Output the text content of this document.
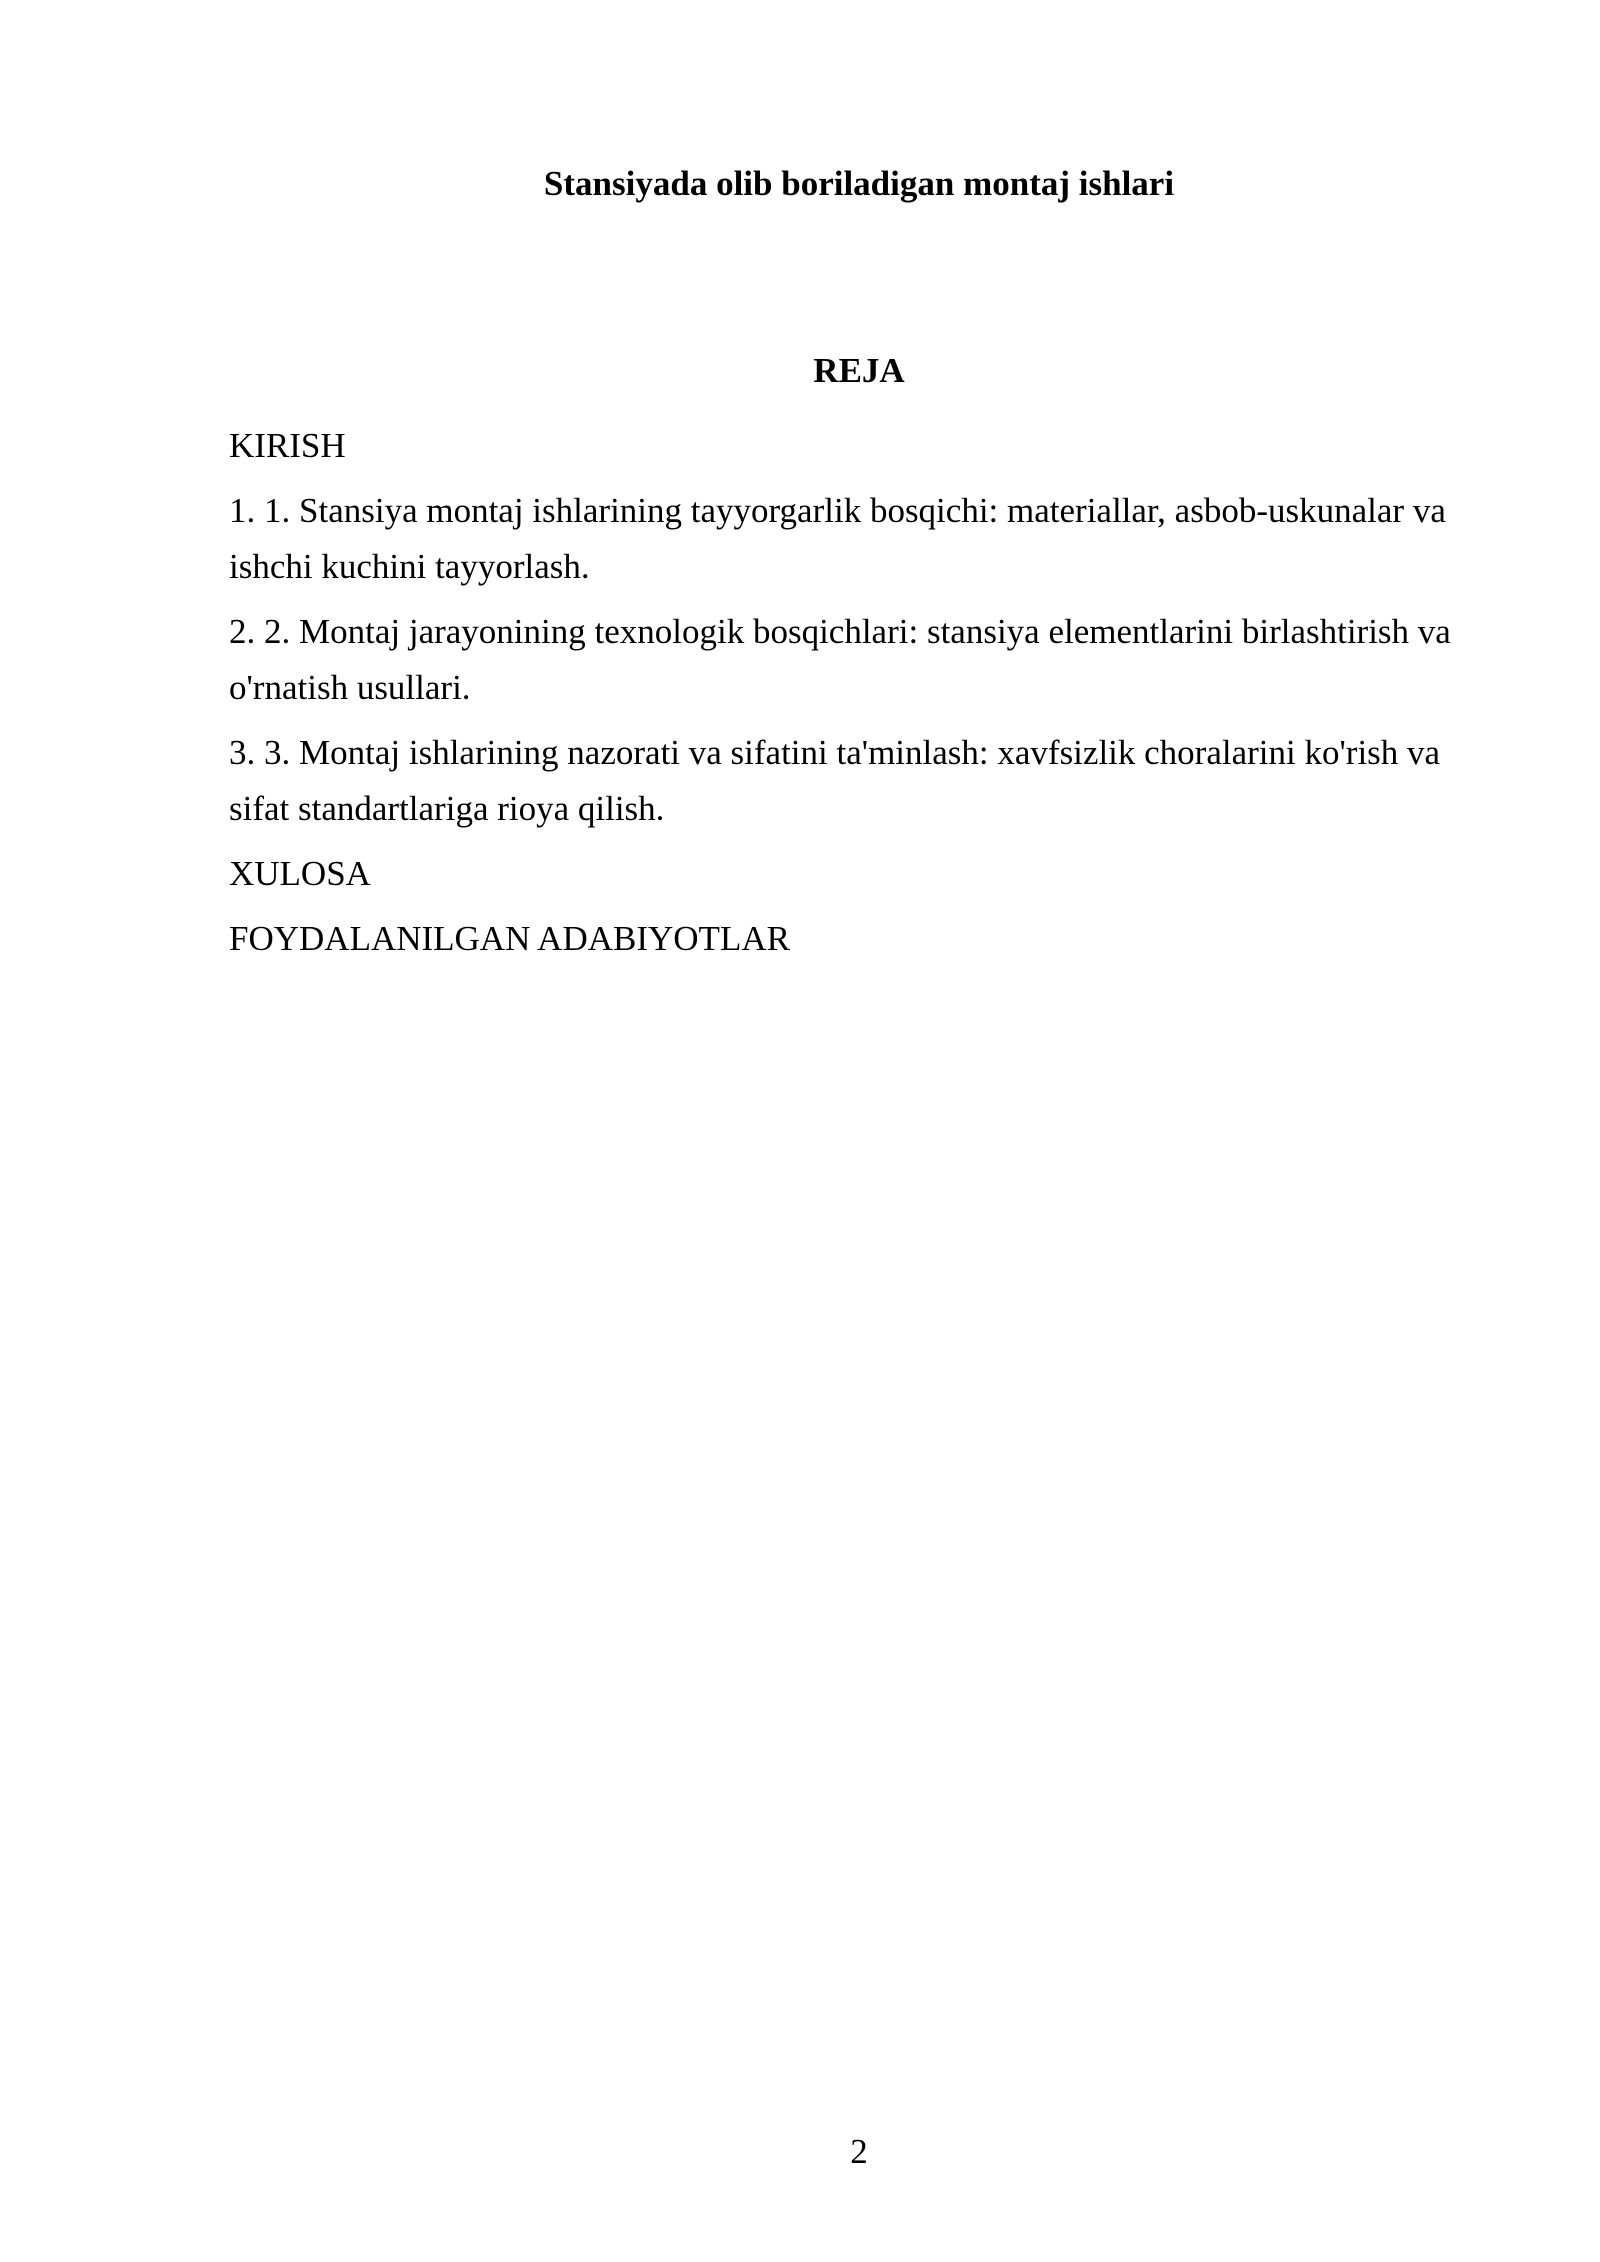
Stansiyada olib boriladigan montaj ishlari
REJA

KIRISH

1. 1. Stansiya montaj ishlarining tayyorgarlik bosqichi: materiallar, asbob-uskunalar va ishchi kuchini tayyorlash.

2. 2. Montaj jarayonining texnologik bosqichlari: stansiya elementlarini birlashtirish va o'rnatish usullari.

3. 3. Montaj ishlarining nazorati va sifatini ta'minlash: xavfsizlik choralarini ko'rish va sifat standartlariga rioya qilish.

XULOSA

FOYDALANILGAN ADABIYOTLAR

2
